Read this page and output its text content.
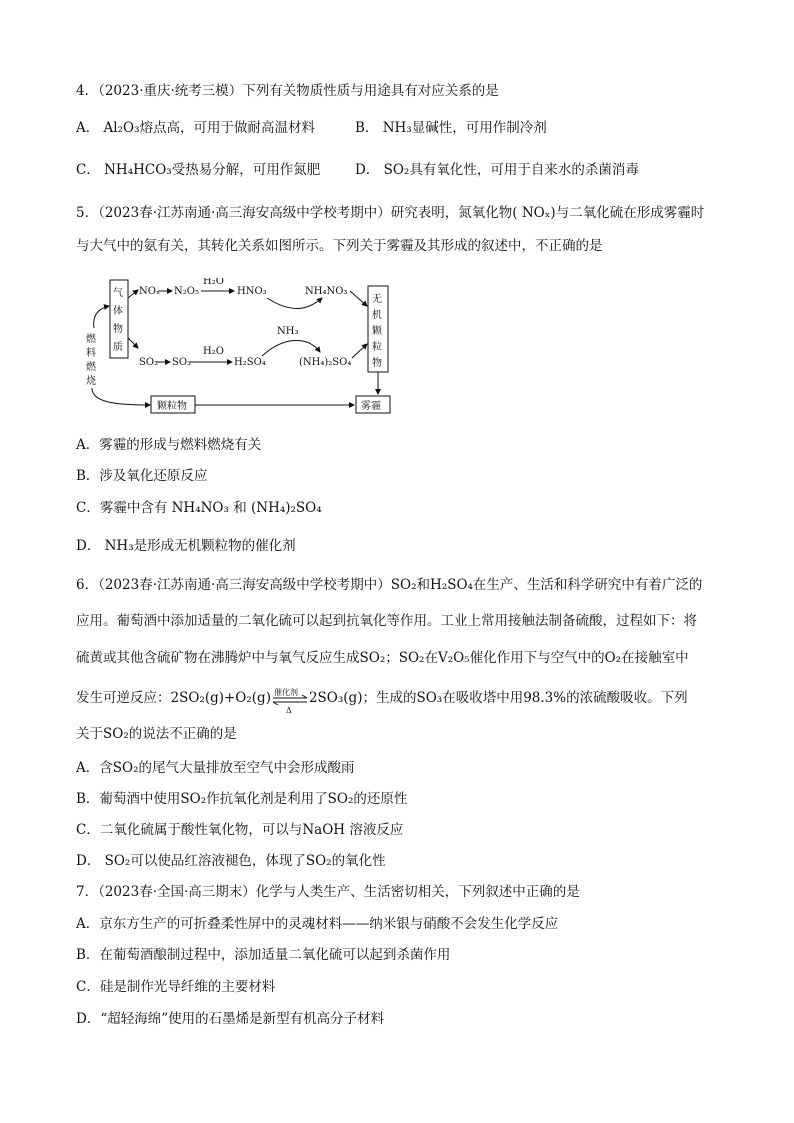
4．（2023·重庆·统考三模）下列有关物质性质与用途具有对应关系的是
A． Al₂O₃熔点高，可用于做耐高温材料	B． NH₃显碱性，可用作制冷剂
C． NH₄HCO₃受热易分解，可用作氮肥	D． SO₂具有氧化性，可用于自来水的杀菌消毒
5．（2023春·江苏南通·高三海安高级中学校考期中）研究表明，氮氧化物( NOₓ)与二氧化硫在形成雾霾时
与大气中的氨有关，其转化关系如图所示。下列关于雾霾及其形成的叙述中，不正确的是
气
体
物
质
燃
料
燃
烧
NOₓ N₂O₅
H₂O
HNO₃	NH₄NO₃
NH₃
SO₂ SO₃
H₂O
H₂SO₄	(NH₄)₂SO₄
无
机
颗
粒
物
颗粒物	雾霾
A．雾霾的形成与燃料燃烧有关
B．涉及氧化还原反应
C．雾霾中含有 NH₄NO₃ 和 (NH₄)₂SO₄
D． NH₃是形成无机颗粒物的催化剂
6．（2023春·江苏南通·高三海安高级中学校考期中）SO₂和H₂SO₄在生产、生活和科学研究中有着广泛的
应用。葡萄酒中添加适量的二氧化硫可以起到抗氧化等作用。工业上常用接触法制备硫酸，过程如下：将
硫黄或其他含硫矿物在沸腾炉中与氧气反应生成SO₂；SO₂在V₂O₅催化作用下与空气中的O₂在接触室中
发生可逆反应：2SO₂(g)+O₂(g) 催化剂
Δ
2SO₃(g)；生成的SO₃在吸收塔中用98.3%的浓硫酸吸收。下列
关于SO₂的说法不正确的是
A．含SO₂的尾气大量排放至空气中会形成酸雨
B．葡萄酒中使用SO₂作抗氧化剂是利用了SO₂的还原性
C．二氧化硫属于酸性氧化物，可以与NaOH 溶液反应
D． SO₂可以使品红溶液褪色，体现了SO₂的氧化性
7．（2023春·全国·高三期末）化学与人类生产、生活密切相关，下列叙述中正确的是
A．京东方生产的可折叠柔性屏中的灵魂材料——纳米银与硝酸不会发生化学反应
B．在葡萄酒酿制过程中，添加适量二氧化硫可以起到杀菌作用
C．硅是制作光导纤维的主要材料
D．“超轻海绵”使用的石墨烯是新型有机高分子材料
